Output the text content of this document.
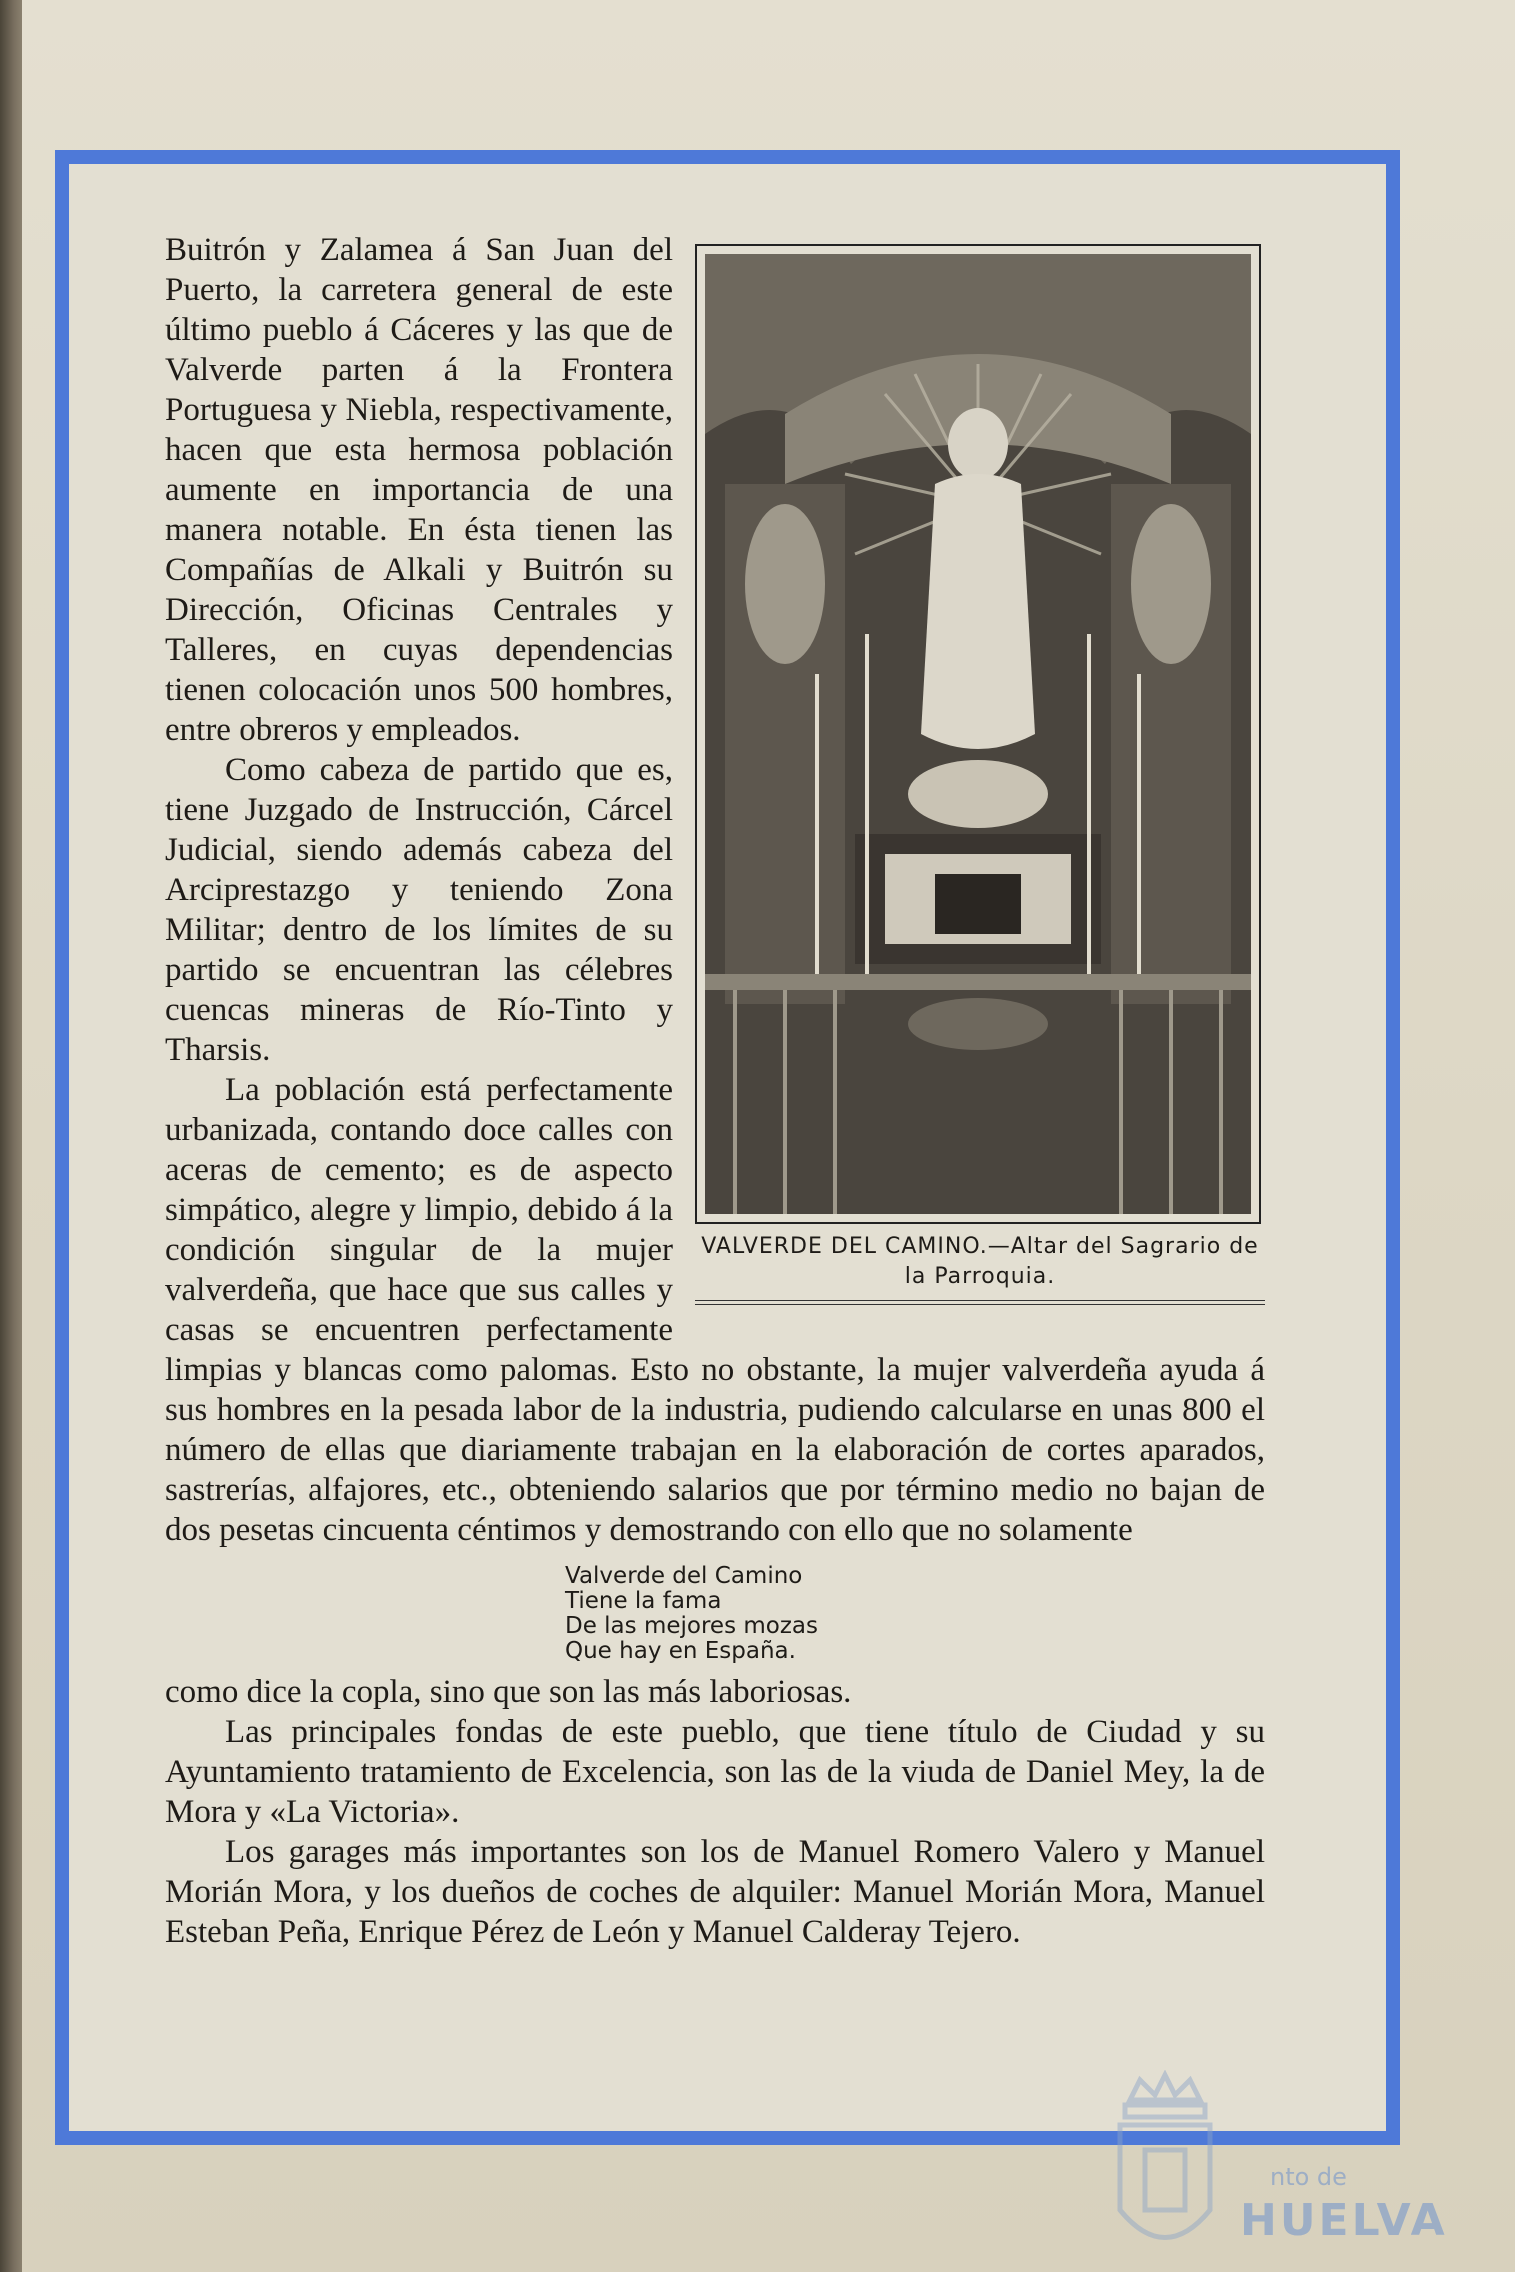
VALVERDE DEL CAMINO.—Altar del Sagrario de la Parroquia.

Buitrón y Zalamea á San Juan del Puerto, la carretera general de este último pueblo á Cáceres y las que de Valverde parten á la Frontera Portuguesa y Niebla, respectivamente, hacen que esta hermosa población aumente en importancia de una manera notable. En ésta tienen las Compañías de Alkali y Buitrón su Dirección, Oficinas Centrales y Talleres, en cuyas dependencias tienen colocación unos 500 hombres, entre obreros y empleados.

Como cabeza de partido que es, tiene Juzgado de Instrucción, Cárcel Judicial, siendo además cabeza del Arciprestazgo y teniendo Zona Militar; dentro de los límites de su partido se encuentran las célebres cuencas mineras de Río-Tinto y Tharsis.

La población está perfectamente urbanizada, contando doce calles con aceras de cemento; es de aspecto simpático, alegre y limpio, debido á la condición singular de la mujer valverdeña, que hace que sus calles y casas se encuentren perfectamente limpias y blancas como palomas. Esto no obstante, la mujer valverdeña ayuda á sus hombres en la pesada labor de la industria, pudiendo calcularse en unas 800 el número de ellas que diariamente trabajan en la elaboración de cortes aparados, sastrerías, alfajores, etc., obteniendo salarios que por término medio no bajan de dos pesetas cincuenta céntimos y demostrando con ello que no solamente

Valverde del Camino
Tiene la fama
De las mejores mozas
Que hay en España.

como dice la copla, sino que son las más laboriosas.

Las principales fondas de este pueblo, que tiene título de Ciudad y su Ayuntamiento tratamiento de Excelencia, son las de la viuda de Daniel Mey, la de Mora y «La Victoria».

Los garages más importantes son los de Manuel Romero Valero y Manuel Morián Mora, y los dueños de coches de alquiler: Manuel Morián Mora, Manuel Esteban Peña, Enrique Pérez de León y Manuel Calderay Tejero.

nto de
HUELVA
